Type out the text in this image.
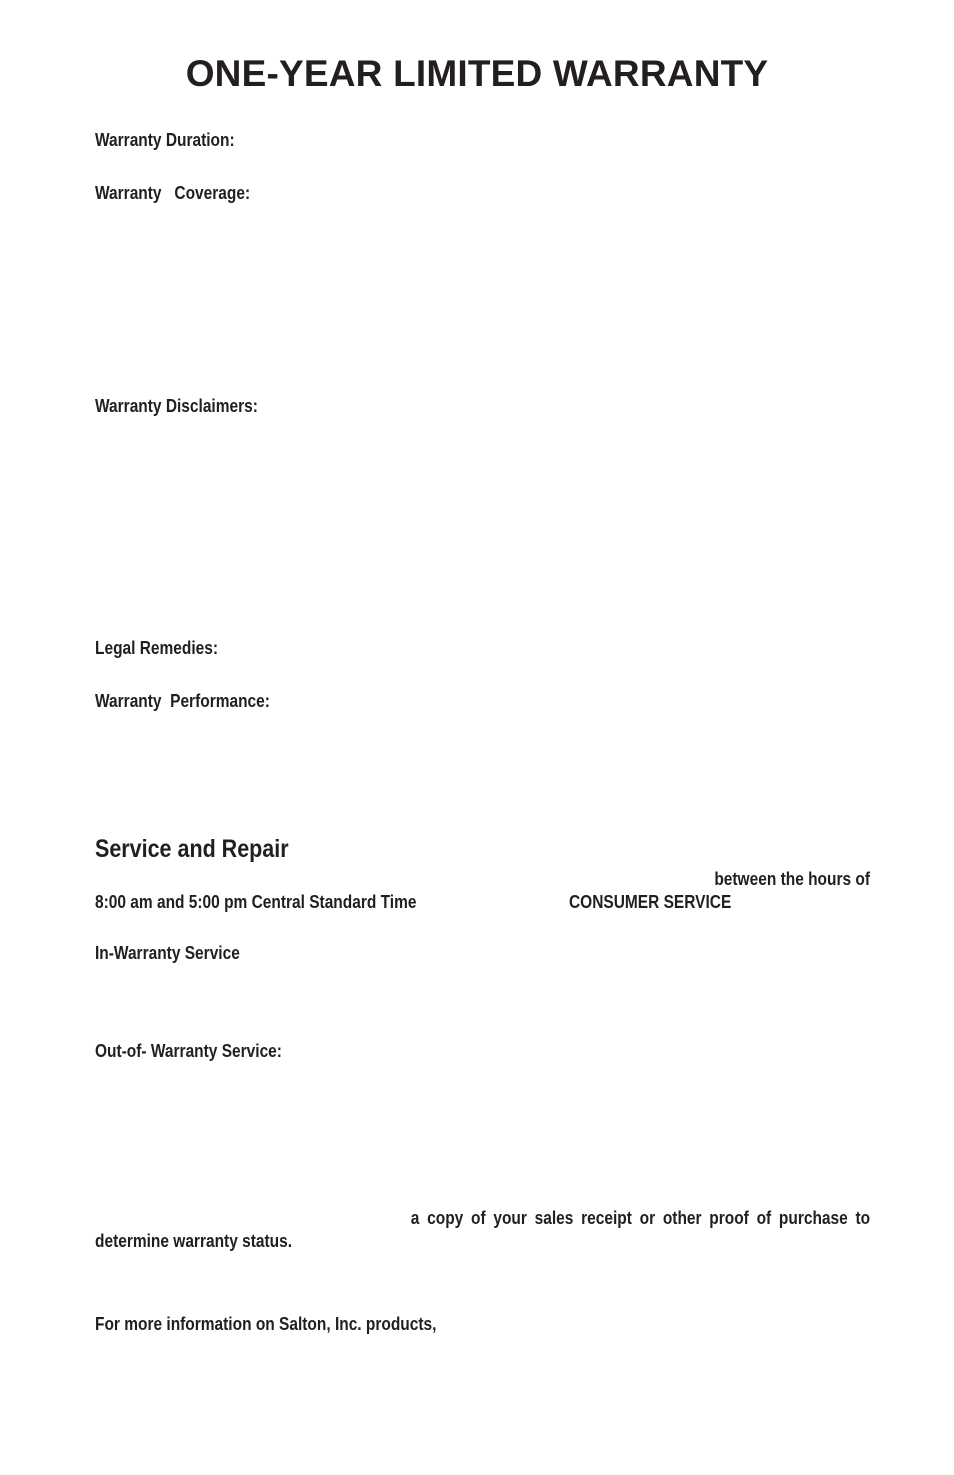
ONE-YEAR LIMITED WARRANTY
Warranty Duration:
Warranty   Coverage:
Warranty Disclaimers:
Legal Remedies:
Warranty  Performance:
Service and Repair
between the hours of
8:00 am and 5:00 pm Central Standard Time	CONSUMER SERVICE
In-Warranty Service
Out-of- Warranty Service:
a copy of your sales receipt or other proof of purchase to
determine warranty status.
For more information on Salton, Inc. products,
